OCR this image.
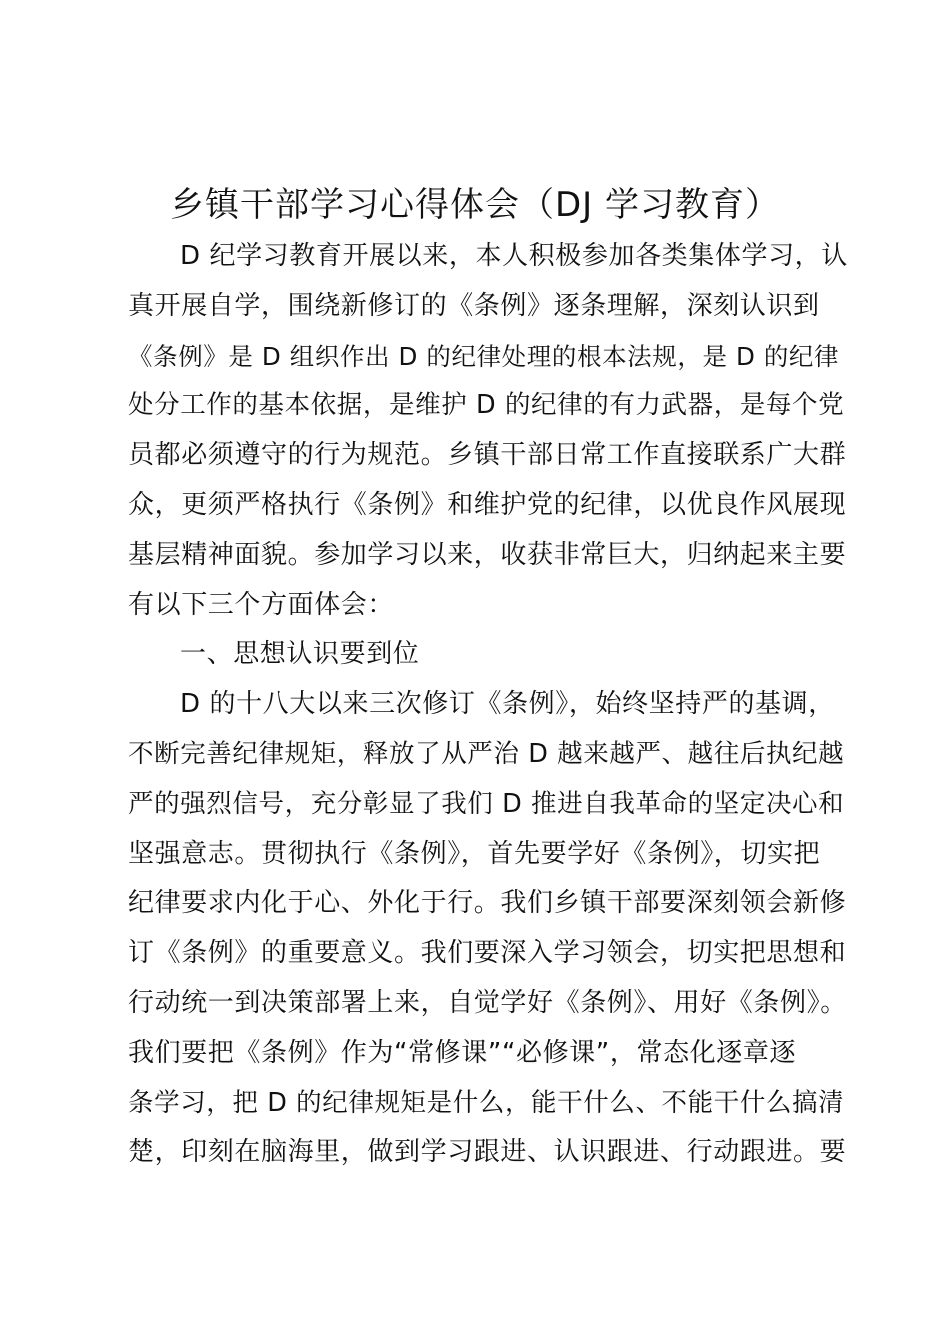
乡镇干部学习心得体会（DJ 学习教育）
D 纪学习教育开展以来，本人积极参加各类集体学习，认
真开展自学，围绕新修订的《条例》逐条理解，深刻认识到
《条例》是 D 组织作出 D 的纪律处理的根本法规，是 D 的纪律
处分工作的基本依据，是维护 D 的纪律的有力武器，是每个党
员都必须遵守的行为规范。乡镇干部日常工作直接联系广大群
众，更须严格执行《条例》和维护党的纪律，以优良作风展现
基层精神面貌。参加学习以来，收获非常巨大，归纳起来主要
有以下三个方面体会：
一、思想认识要到位
D 的十八大以来三次修订《条例》，始终坚持严的基调，
不断完善纪律规矩，释放了从严治 D 越来越严、越往后执纪越
严的强烈信号，充分彰显了我们 D 推进自我革命的坚定决心和
坚强意志。贯彻执行《条例》，首先要学好《条例》，切实把
纪律要求内化于心、外化于行。我们乡镇干部要深刻领会新修
订《条例》的重要意义。我们要深入学习领会，切实把思想和
行动统一到决策部署上来，自觉学好《条例》、用好《条例》。
我们要把《条例》作为“常修课”“必修课”，常态化逐章逐
条学习，把 D 的纪律规矩是什么，能干什么、不能干什么搞清
楚，印刻在脑海里，做到学习跟进、认识跟进、行动跟进。要
